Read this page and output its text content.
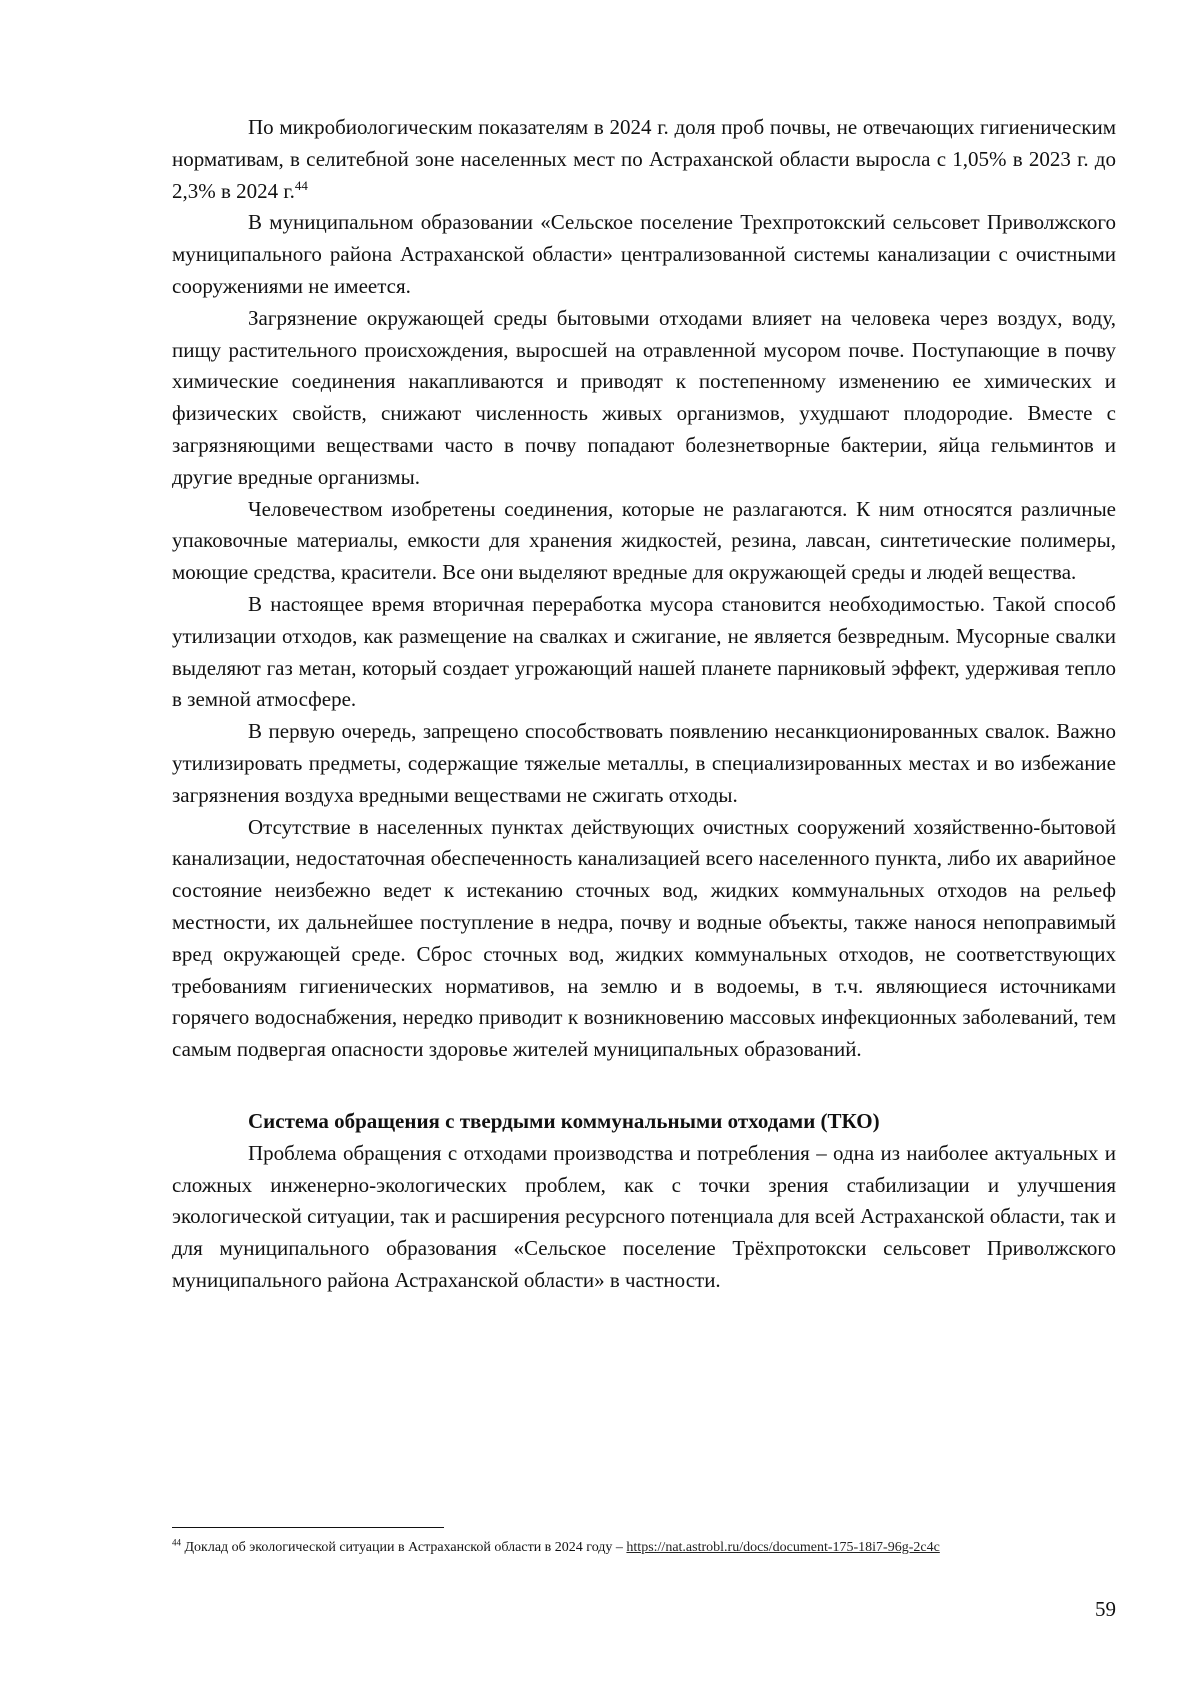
По микробиологическим показателям в 2024 г. доля проб почвы, не отвечающих гигиеническим нормативам, в селитебной зоне населенных мест по Астраханской области выросла с 1,05% в 2023 г. до 2,3% в 2024 г.$^{44}$

В муниципальном образовании «Сельское поселение Трехпротокский сельсовет Приволжского муниципального района Астраханской области» централизованной системы канализации с очистными сооружениями не имеется.

Загрязнение окружающей среды бытовыми отходами влияет на человека через воздух, воду, пищу растительного происхождения, выросшей на отравленной мусором почве. Поступающие в почву химические соединения накапливаются и приводят к постепенному изменению ее химических и физических свойств, снижают численность живых организмов, ухудшают плодородие. Вместе с загрязняющими веществами часто в почву попадают болезнетворные бактерии, яйца гельминтов и другие вредные организмы.

Человечеством изобретены соединения, которые не разлагаются. К ним относятся различные упаковочные материалы, емкости для хранения жидкостей, резина, лавсан, синтетические полимеры, моющие средства, красители. Все они выделяют вредные для окружающей среды и людей вещества.

В настоящее время вторичная переработка мусора становится необходимостью. Такой способ утилизации отходов, как размещение на свалках и сжигание, не является безвредным. Мусорные свалки выделяют газ метан, который создает угрожающий нашей планете парниковый эффект, удерживая тепло в земной атмосфере.

В первую очередь, запрещено способствовать появлению несанкционированных свалок. Важно утилизировать предметы, содержащие тяжелые металлы, в специализированных местах и во избежание загрязнения воздуха вредными веществами не сжигать отходы.

Отсутствие в населенных пунктах действующих очистных сооружений хозяйственно-бытовой канализации, недостаточная обеспеченность канализацией всего населенного пункта, либо их аварийное состояние неизбежно ведет к истеканию сточных вод, жидких коммунальных отходов на рельеф местности, их дальнейшее поступление в недра, почву и водные объекты, также нанося непоправимый вред окружающей среде. Сброс сточных вод, жидких коммунальных отходов, не соответствующих требованиям гигиенических нормативов, на землю и в водоемы, в т.ч. являющиеся источниками горячего водоснабжения, нередко приводит к возникновению массовых инфекционных заболеваний, тем самым подвергая опасности здоровье жителей муниципальных образований.

Система обращения с твердыми коммунальными отходами (ТКО)

Проблема обращения с отходами производства и потребления – одна из наиболее актуальных и сложных инженерно-экологических проблем, как с точки зрения стабилизации и улучшения экологической ситуации, так и расширения ресурсного потенциала для всей Астраханской области, так и для муниципального образования «Сельское поселение Трёхпротокски сельсовет Приволжского муниципального района Астраханской области» в частности.

$^{44}$ Доклад об экологической ситуации в Астраханской области в 2024 году – https://nat.astrobl.ru/docs/document-175-18i7-96g-2c4c
59
